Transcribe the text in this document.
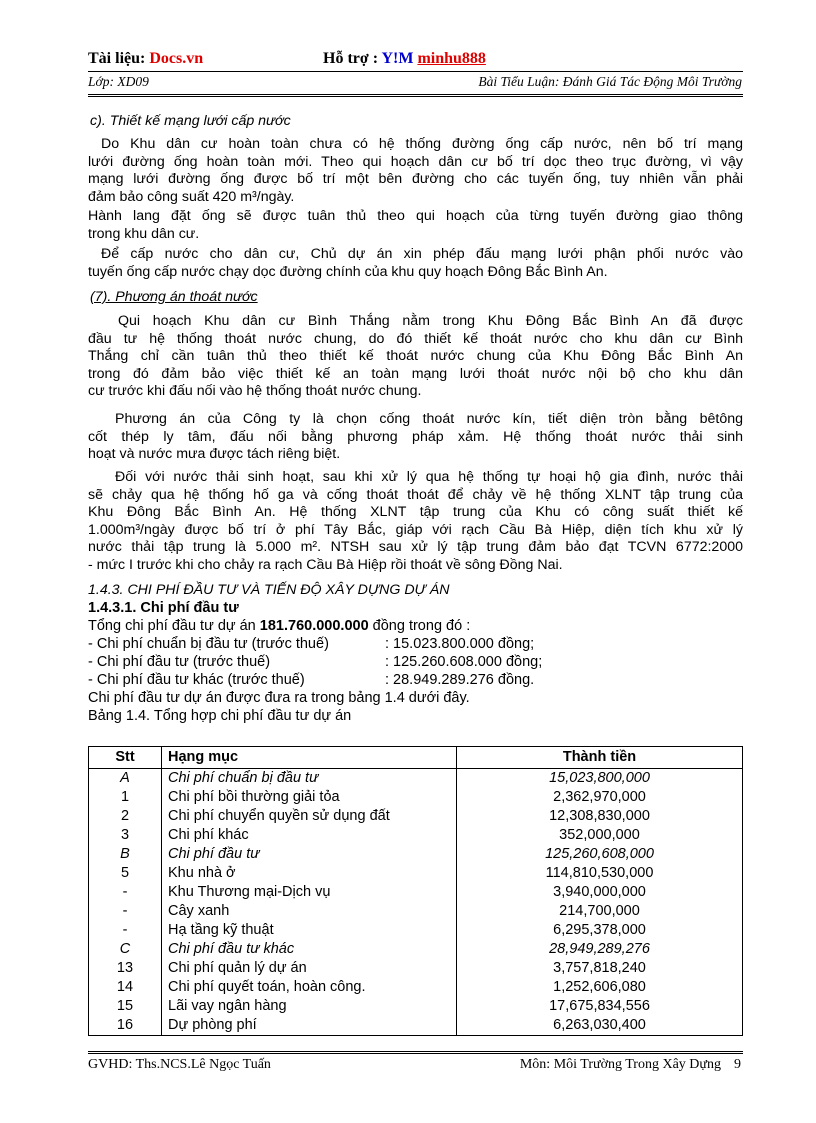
Tài liệu: Docs.vn	Hỗ trợ : Y!M minhu888
Lớp: XD09	Bài Tiểu Luận: Đánh Giá Tác Động Môi Trường
c). Thiết kế mạng lưới cấp nước
Do Khu dân cư hoàn toàn chưa có hệ thống đường ống cấp nước, nên bố trí mạng
lưới đường ống hoàn toàn mới. Theo qui hoạch dân cư bố trí dọc theo trục đường, vì vậy
mạng lưới đường ống được bố trí một bên đường cho các tuyến ống, tuy nhiên vẫn phải
đảm bảo công suất 420 m³/ngày.
Hành lang đặt ống sẽ được tuân thủ theo qui hoạch của từng tuyến đường giao thông
trong khu dân cư.
Để cấp nước cho dân cư, Chủ dự án xin phép đấu mạng lưới phận phối nước vào
tuyến ống cấp nước chạy dọc đường chính của khu quy hoạch Đông Bắc Bình An.
(7). Phương án thoát nước
Qui hoạch Khu dân cư Bình Thắng nằm trong Khu Đông Bắc Bình An đã được
đầu tư hệ thống thoát nước chung, do đó thiết kế thoát nước cho khu dân cư Bình
Thắng chỉ cần tuân thủ theo thiết kế thoát nước chung của Khu Đông Bắc Bình An
trong đó đảm bảo việc thiết kế an toàn mạng lưới thoát nước nội bộ cho khu dân
cư trước khi đấu nối vào hệ thống thoát nước chung.
Phương án của Công ty là chọn cống thoát nước kín, tiết diện tròn bằng bêtông
cốt thép ly tâm, đấu nối bằng phương pháp xảm. Hệ thống thoát nước thải sinh
hoạt và nước mưa được tách riêng biệt.
Đối với nước thải sinh hoạt, sau khi xử lý qua hệ thống tự hoại hộ gia đình, nước thải
sẽ chảy qua hệ thống hố ga và cống thoát thoát để chảy về hệ thống XLNT tập trung của
Khu Đông Bắc Bình An. Hệ thống XLNT tập trung của Khu có công suất thiết kế
1.000m³/ngày được bố trí ở phí Tây Bắc, giáp với rạch Cầu Bà Hiệp, diện tích khu xử lý
nước thải tập trung là 5.000 m². NTSH sau xử lý tập trung đảm bảo đạt TCVN 6772:2000
- mức I trước khi cho chảy ra rạch Cầu Bà Hiệp rồi thoát về sông Đồng Nai.
1.4.3. CHI PHÍ ĐẦU TƯ VÀ TIẾN ĐỘ XÂY DỰNG DỰ ÁN
1.4.3.1. Chi phí đầu tư
Tổng chi phí đầu tư dự án 181.760.000.000 đồng trong đó :
- Chi phí chuẩn bị đầu tư (trước thuế)	: 15.023.800.000 đồng;
- Chi phí đầu tư (trước thuế)	: 125.260.608.000 đồng;
- Chi phí đầu tư khác (trước thuế)	: 28.949.289.276 đồng.
Chi phí đầu tư dự án được đưa ra trong bảng 1.4 dưới đây.
Bảng 1.4. Tổng hợp chi phí đầu tư dự án
Stt	Hạng mục	Thành tiền
A	Chi phí chuẩn bị đầu tư	15,023,800,000
1	Chi phí bồi thường giải tỏa	2,362,970,000
2	Chi phí chuyển quyền sử dụng đất	12,308,830,000
3	Chi phí khác	352,000,000
B	Chi phí đầu tư	125,260,608,000
5	Khu nhà ở	114,810,530,000
-	Khu Thương mại-Dịch vụ	3,940,000,000
-	Cây xanh	214,700,000
-	Hạ tầng kỹ thuật	6,295,378,000
C	Chi phí đầu tư khác	28,949,289,276
13	Chi phí quản lý dự án	3,757,818,240
14	Chi phí quyết toán, hoàn công.	1,252,606,080
15	Lãi vay ngân hàng	17,675,834,556
16	Dự phòng phí	6,263,030,400
GVHD: Ths.NCS.Lê Ngọc Tuấn	Môn: Môi Trường Trong Xây Dựng 9
